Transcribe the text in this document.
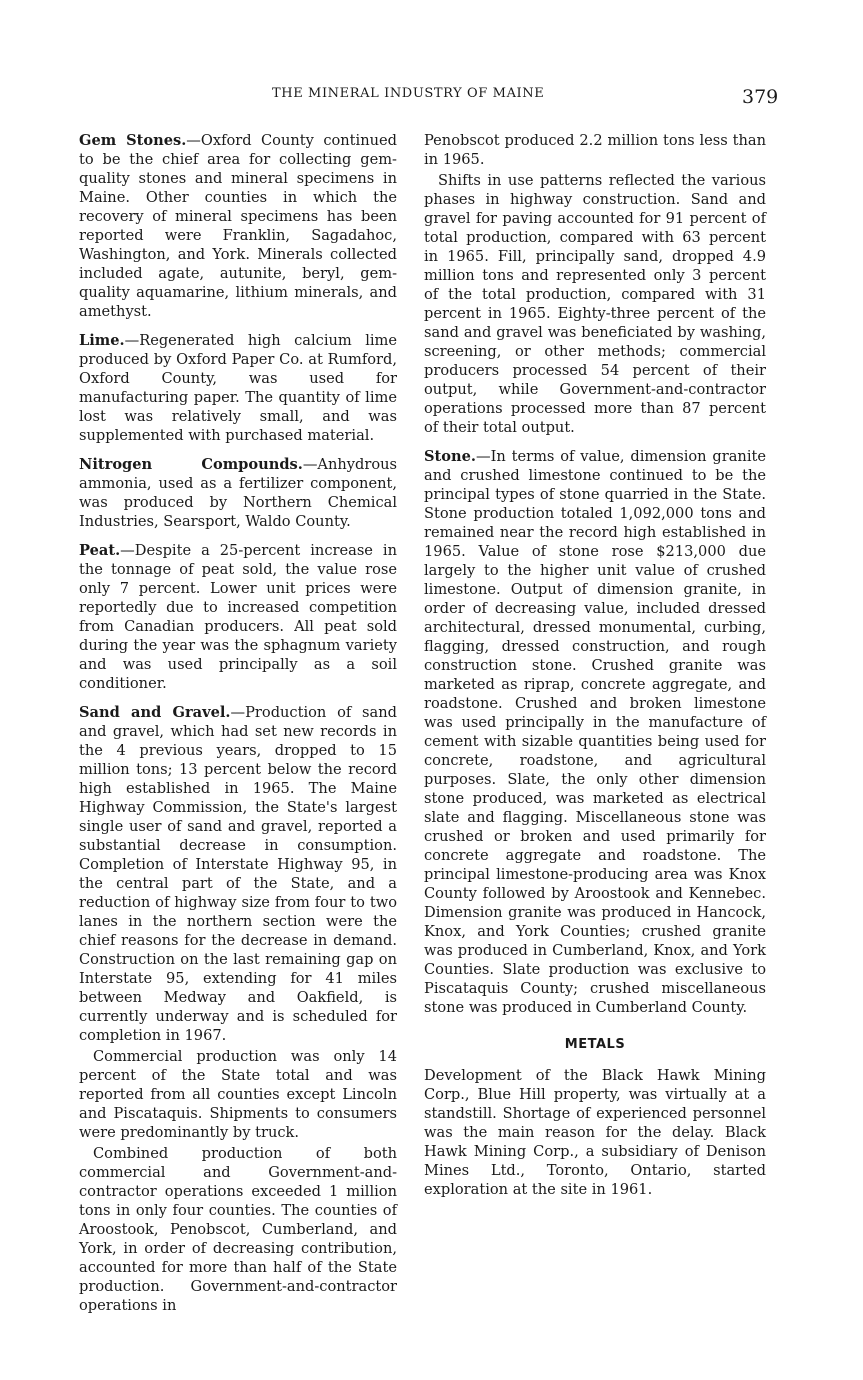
THE MINERAL INDUSTRY OF MAINE	379

Gem Stones.—Oxford County continued to be the chief area for collecting gem-quality stones and mineral specimens in Maine. Other counties in which the recovery of mineral specimens has been reported were Franklin, Sagadahoc, Washington, and York. Minerals collected included agate, autunite, beryl, gem-quality aquamarine, lithium minerals, and amethyst.

Lime.—Regenerated high calcium lime produced by Oxford Paper Co. at Rumford, Oxford County, was used for manufacturing paper. The quantity of lime lost was relatively small, and was supplemented with purchased material.

Nitrogen Compounds.—Anhydrous ammonia, used as a fertilizer component, was produced by Northern Chemical Industries, Searsport, Waldo County.

Peat.—Despite a 25-percent increase in the tonnage of peat sold, the value rose only 7 percent. Lower unit prices were reportedly due to increased competition from Canadian producers. All peat sold during the year was the sphagnum variety and was used principally as a soil conditioner.

Sand and Gravel.—Production of sand and gravel, which had set new records in the 4 previous years, dropped to 15 million tons; 13 percent below the record high established in 1965. The Maine Highway Commission, the State's largest single user of sand and gravel, reported a substantial decrease in consumption. Completion of Interstate Highway 95, in the central part of the State, and a reduction of highway size from four to two lanes in the northern section were the chief reasons for the decrease in demand. Construction on the last remaining gap on Interstate 95, extending for 41 miles between Medway and Oakfield, is currently underway and is scheduled for completion in 1967.

Commercial production was only 14 percent of the State total and was reported from all counties except Lincoln and Piscataquis. Shipments to consumers were predominantly by truck.

Combined production of both commercial and Government-and-contractor operations exceeded 1 million tons in only four counties. The counties of Aroostook, Penobscot, Cumberland, and York, in order of decreasing contribution, accounted for more than half of the State production. Government-and-contractor operations in

Penobscot produced 2.2 million tons less than in 1965.

Shifts in use patterns reflected the various phases in highway construction. Sand and gravel for paving accounted for 91 percent of total production, compared with 63 percent in 1965. Fill, principally sand, dropped 4.9 million tons and represented only 3 percent of the total production, compared with 31 percent in 1965. Eighty-three percent of the sand and gravel was beneficiated by washing, screening, or other methods; commercial producers processed 54 percent of their output, while Government-and-contractor operations processed more than 87 percent of their total output.

Stone.—In terms of value, dimension granite and crushed limestone continued to be the principal types of stone quarried in the State. Stone production totaled 1,092,000 tons and remained near the record high established in 1965. Value of stone rose $213,000 due largely to the higher unit value of crushed limestone. Output of dimension granite, in order of decreasing value, included dressed architectural, dressed monumental, curbing, flagging, dressed construction, and rough construction stone. Crushed granite was marketed as riprap, concrete aggregate, and roadstone. Crushed and broken limestone was used principally in the manufacture of cement with sizable quantities being used for concrete, roadstone, and agricultural purposes. Slate, the only other dimension stone produced, was marketed as electrical slate and flagging. Miscellaneous stone was crushed or broken and used primarily for concrete aggregate and roadstone. The principal limestone-producing area was Knox County followed by Aroostook and Kennebec. Dimension granite was produced in Hancock, Knox, and York Counties; crushed granite was produced in Cumberland, Knox, and York Counties. Slate production was exclusive to Piscataquis County; crushed miscellaneous stone was produced in Cumberland County.

METALS

Development of the Black Hawk Mining Corp., Blue Hill property, was virtually at a standstill. Shortage of experienced personnel was the main reason for the delay. Black Hawk Mining Corp., a subsidiary of Denison Mines Ltd., Toronto, Ontario, started exploration at the site in 1961.
